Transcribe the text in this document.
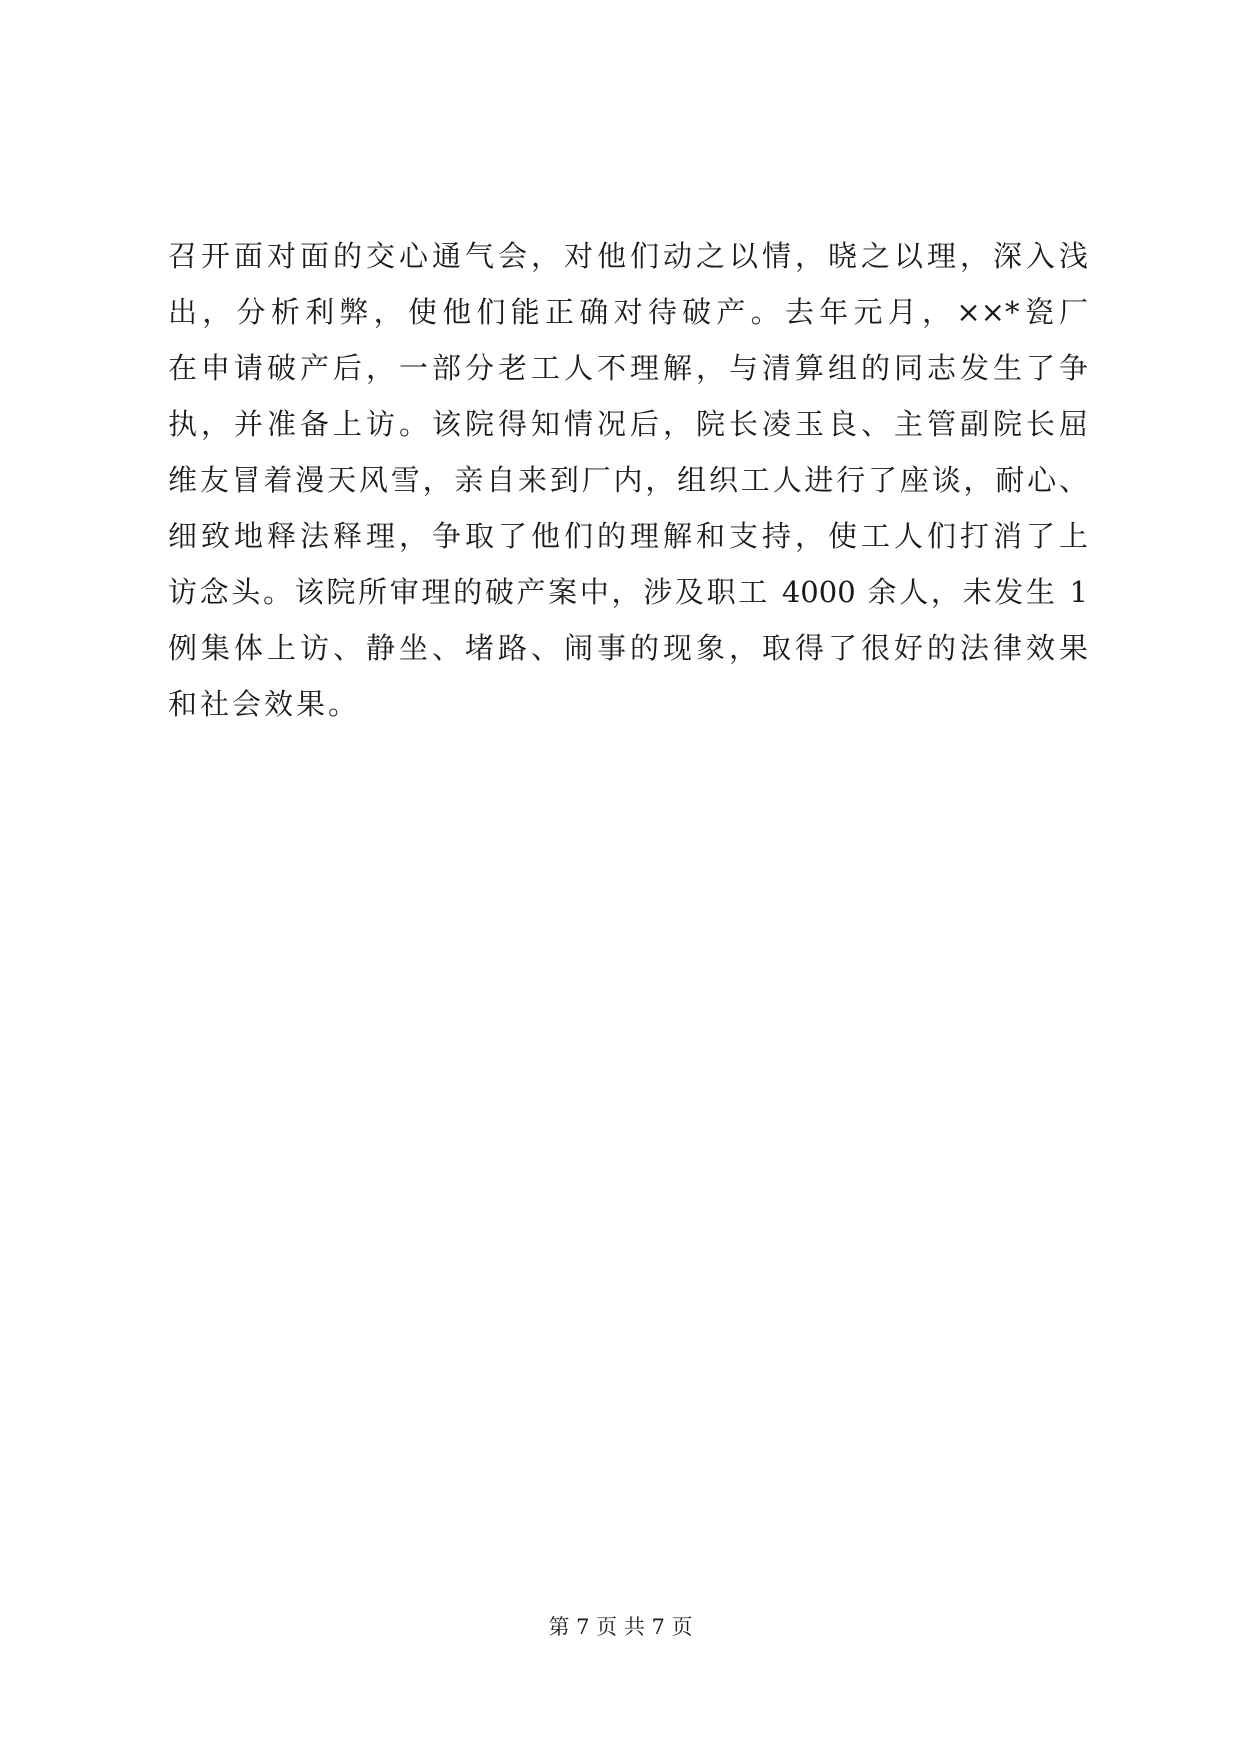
召开面对面的交心通气会，对他们动之以情，晓之以理，深入浅
出，分析利弊，使他们能正确对待破产。去年元月，××*瓷厂
在申请破产后，一部分老工人不理解，与清算组的同志发生了争
执，并准备上访。该院得知情况后，院长凌玉良、主管副院长屈
维友冒着漫天风雪，亲自来到厂内，组织工人进行了座谈，耐心、
细致地释法释理，争取了他们的理解和支持，使工人们打消了上
访念头。该院所审理的破产案中，涉及职工 4000 余人，未发生 1
例集体上访、静坐、堵路、闹事的现象，取得了很好的法律效果
和社会效果。
第 7 页 共 7 页
